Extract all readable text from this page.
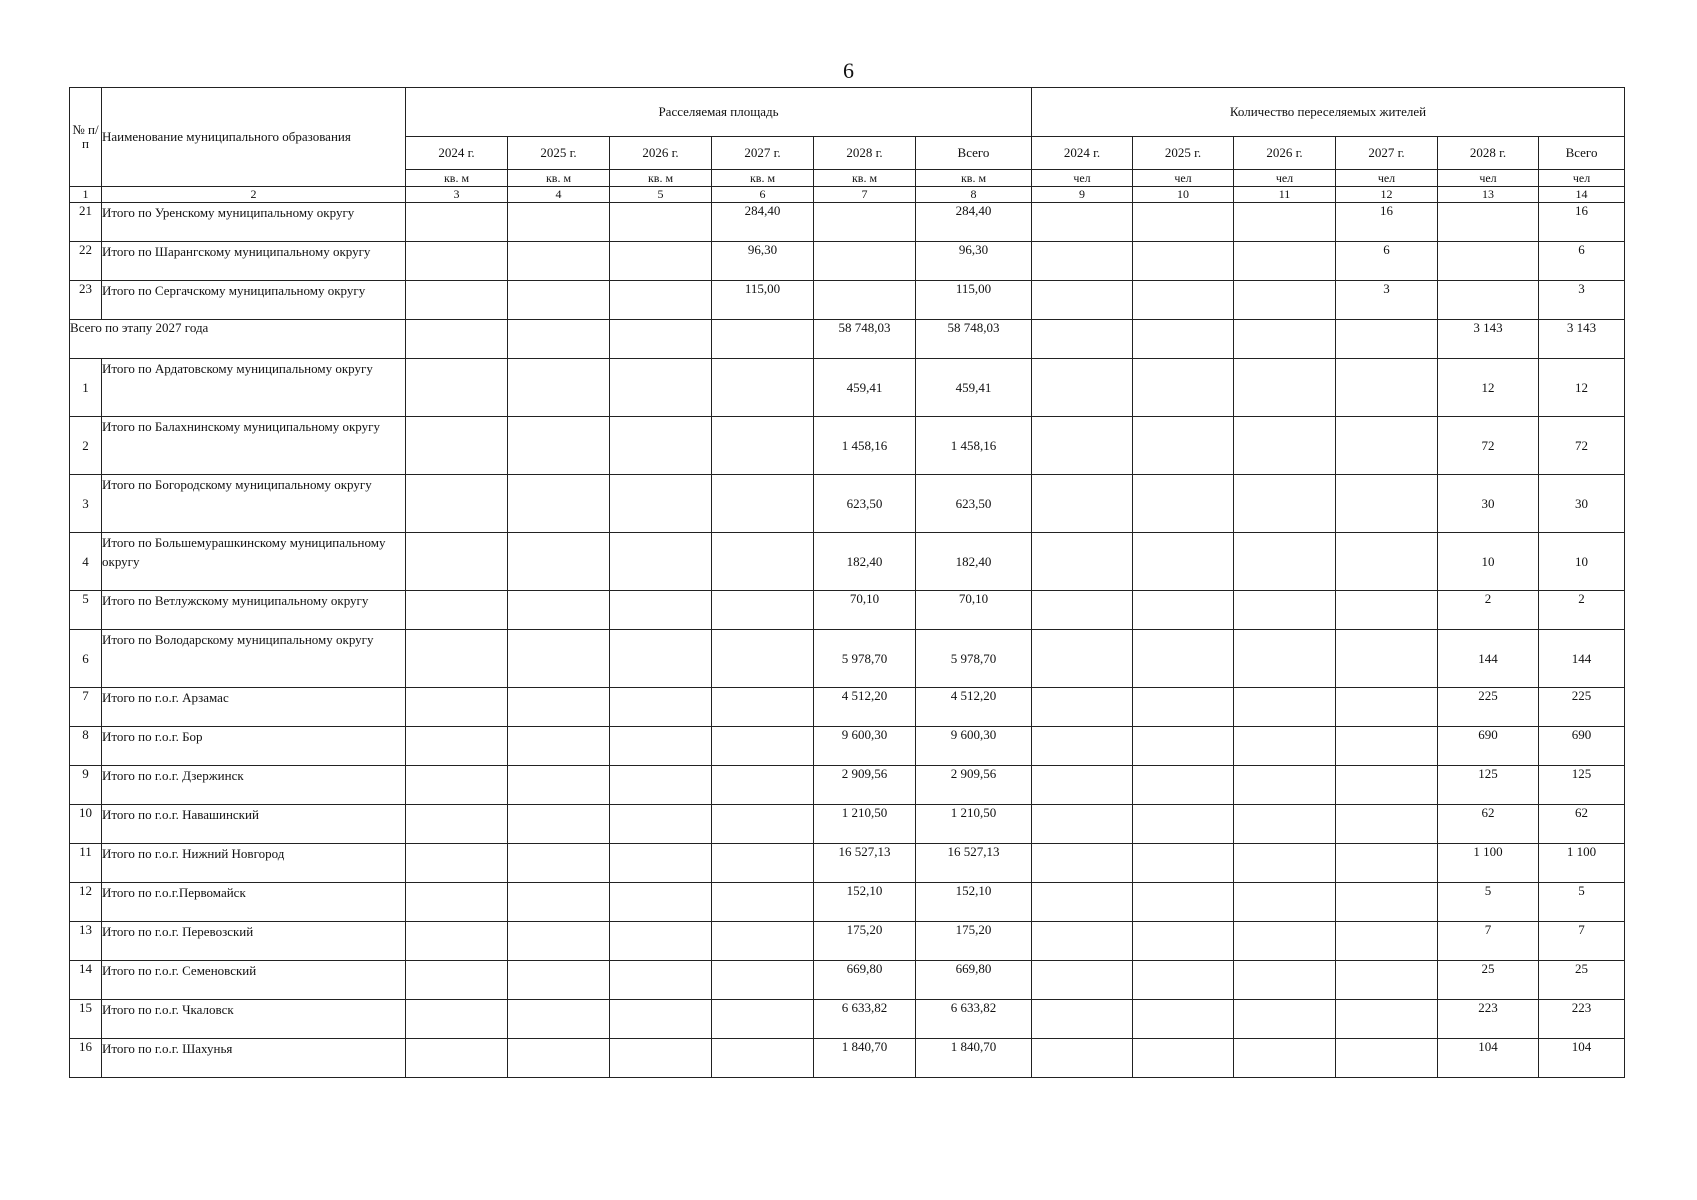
6
№ п/п	Наименование муниципального образования	Расселяемая площадь						Количество переселяемых жителей					
		2024 г.	2025 г.	2026 г.	2027 г.	2028 г.	Всего	2024 г.	2025 г.	2026 г.	2027 г.	2028 г.	Всего
		кв. м	кв. м	кв. м	кв. м	кв. м	кв. м	чел	чел	чел	чел	чел	чел
1	2	3	4	5	6	7	8	9	10	11	12	13	14
21	Итого по Уренскому муниципальному округу				284,40		284,40				16		16
22	Итого по Шарангскому муниципальному округу				96,30		96,30				6		6
23	Итого по Сергачскому муниципальному округу				115,00		115,00				3		3
Всего по этапу 2027 года						58 748,03	58 748,03					3 143	3 143
1	Итого по Ардатовскому муниципальному округу					459,41	459,41					12	12
2	Итого по Балахнинскому муниципальному округу					1 458,16	1 458,16					72	72
3	Итого по Богородскому муниципальному округу					623,50	623,50					30	30
4	Итого по Большемурашкинскому муниципальному округу					182,40	182,40					10	10
5	Итого по Ветлужскому муниципальному округу					70,10	70,10					2	2
6	Итого по Володарскому муниципальному округу					5 978,70	5 978,70					144	144
7	Итого по г.о.г. Арзамас					4 512,20	4 512,20					225	225
8	Итого по г.о.г. Бор					9 600,30	9 600,30					690	690
9	Итого по г.о.г. Дзержинск					2 909,56	2 909,56					125	125
10	Итого по г.о.г. Навашинский					1 210,50	1 210,50					62	62
11	Итого по г.о.г. Нижний Новгород					16 527,13	16 527,13					1 100	1 100
12	Итого по г.о.г.Первомайск					152,10	152,10					5	5
13	Итого по г.о.г. Перевозский					175,20	175,20					7	7
14	Итого по г.о.г. Семеновский					669,80	669,80					25	25
15	Итого по г.о.г. Чкаловск					6 633,82	6 633,82					223	223
16	Итого по г.о.г. Шахунья					1 840,70	1 840,70					104	104
